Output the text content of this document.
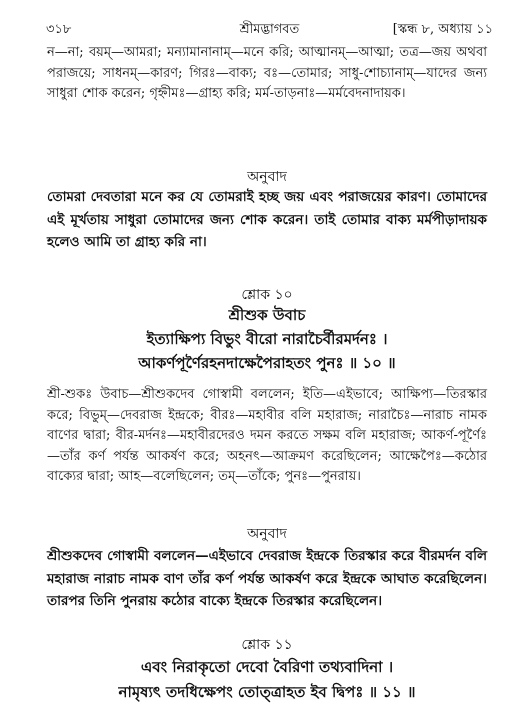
৩১৮	শ্রীমদ্ভাগবত	[স্কন্ধ ৮, অধ্যায় ১১
ন—না; বয়ম্‌—আমরা; মন্যামানানাম্‌—মনে করি; আত্মানম্‌—আত্মা; তত্র—জয় অথবা পরাজয়ে; সাধনম্‌—কারণ; গিরঃ—বাক্য; বঃ—তোমার; সাধু-শোচ্যানাম্‌—যাদের জন্য সাধুরা শোক করেন; গৃহ্নীমঃ—গ্রাহ্য করি; মর্ম-তাড়নাঃ—মর্মবেদনাদায়ক।
অনুবাদ
তোমরা দেবতারা মনে কর যে তোমরাই হচ্ছ জয় এবং পরাজয়ের কারণ। তোমাদের এই মূর্খতায় সাধুরা তোমাদের জন্য শোক করেন। তাই তোমার বাক্য মর্মপীড়াদায়ক হলেও আমি তা গ্রাহ্য করি না।
শ্লোক ১০
শ্রীশুক উবাচ
ইত্যাক্ষিপ্য বিভুং বীরো নারাচৈর্বীরমর্দনঃ ।
আকর্ণপূর্ণৈরহনদাক্ষেপৈরাহতং পুনঃ ॥ ১০ ॥
শ্রী-শুকঃ উবাচ—শ্রীশুকদেব গোস্বামী বললেন; ইতি—এইভাবে; আক্ষিপ্য—তিরস্কার করে; বিভুম্‌—দেবরাজ ইন্দ্রকে; বীরঃ—মহাবীর বলি মহারাজ; নারাচৈঃ—নারাচ নামক বাণের দ্বারা; বীর-মর্দনঃ—মহাবীরদেরও দমন করতে সক্ষম বলি মহারাজ; আকর্ণ-পূর্ণৈঃ—তাঁর কর্ণ পর্যন্ত আকর্ষণ করে; অহনৎ—আক্রমণ করেছিলেন; আক্ষেপৈঃ—কঠোর বাক্যের দ্বারা; আহ—বলেছিলেন; তম্‌—তাঁকে; পুনঃ—পুনরায়।
অনুবাদ
শ্রীশুকদেব গোস্বামী বললেন—এইভাবে দেবরাজ ইন্দ্রকে তিরস্কার করে বীরমর্দন বলি মহারাজ নারাচ নামক বাণ তাঁর কর্ণ পর্যন্ত আকর্ষণ করে ইন্দ্রকে আঘাত করেছিলেন। তারপর তিনি পুনরায় কঠোর বাক্যে ইন্দ্রকে তিরস্কার করেছিলেন।
শ্লোক ১১
এবং নিরাকৃতো দেবো বৈরিণা তথ্যবাদিনা ।
নামৃষ্যৎ তদধিক্ষেপং তোত্ত্রাহত ইব দ্বিপঃ ॥ ১১ ॥
